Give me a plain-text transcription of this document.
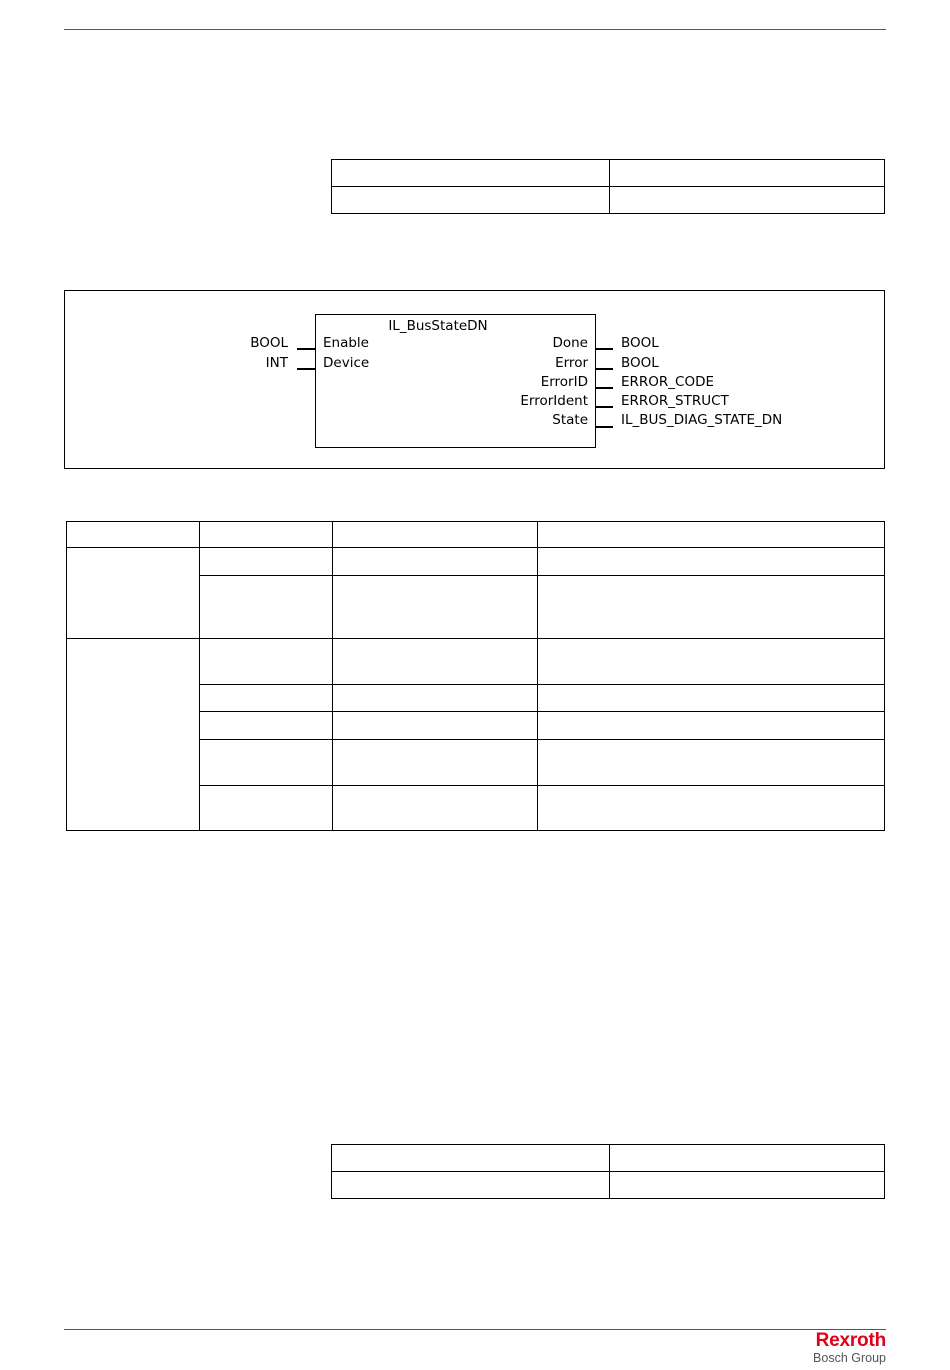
IL_BusStateDN
BOOL
INT
Enable
Device
Done
Error
ErrorID
ErrorIdent
State
BOOL
BOOL
ERROR_CODE
ERROR_STRUCT
IL_BUS_DIAG_STATE_DN

Rexroth
Bosch Group
